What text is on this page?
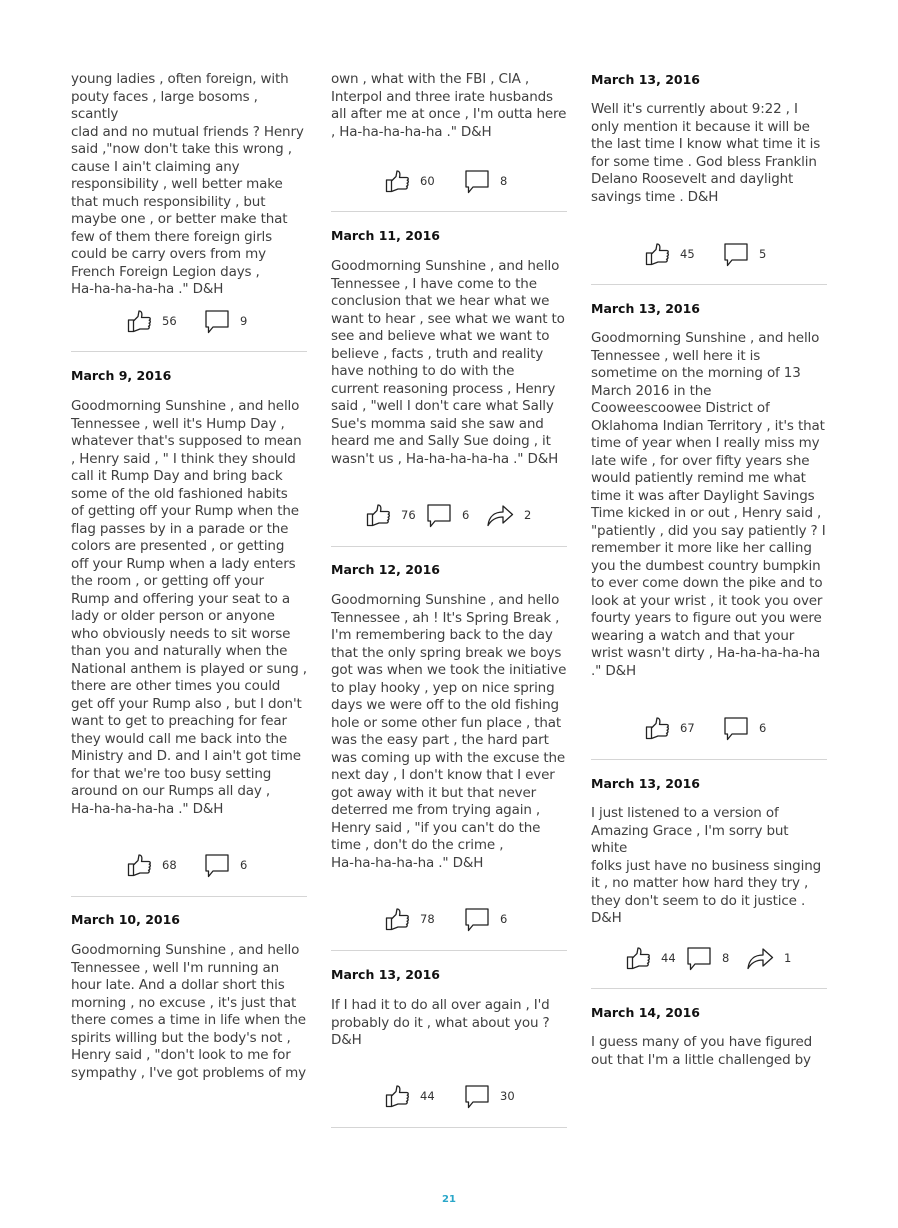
young ladies , often foreign, with
pouty faces , large bosoms , scantly
clad and no mutual friends ? Henry
said ,"now don't take this wrong ,
cause I ain't claiming any
responsibility , well better make
that much responsibility , but
maybe one , or better make that
few of them there foreign girls
could be carry overs from my
French Foreign Legion days ,
Ha-ha-ha-ha-ha ." D&H
56	9
March 9, 2016
Goodmorning Sunshine , and hello
Tennessee , well it's Hump Day ,
whatever that's supposed to mean
, Henry said , " I think they should
call it Rump Day and bring back
some of the old fashioned habits
of getting off your Rump when the
flag passes by in a parade or the
colors are presented , or getting
off your Rump when a lady enters
the room , or getting off your
Rump and offering your seat to a
lady or older person or anyone
who obviously needs to sit worse
than you and naturally when the
National anthem is played or sung ,
there are other times you could
get off your Rump also , but I don't
want to get to preaching for fear
they would call me back into the
Ministry and D. and I ain't got time
for that we're too busy setting
around on our Rumps all day ,
Ha-ha-ha-ha-ha ." D&H
68	6
March 10, 2016
Goodmorning Sunshine , and hello
Tennessee , well I'm running an
hour late. And a dollar short this
morning , no excuse , it's just that
there comes a time in life when the
spirits willing but the body's not ,
Henry said , "don't look to me for
sympathy , I've got problems of my
own , what with the FBI , CIA ,
Interpol and three irate husbands
all after me at once , I'm outta here
, Ha-ha-ha-ha-ha ." D&H
60	8
March 11, 2016
Goodmorning Sunshine , and hello
Tennessee , I have come to the
conclusion that we hear what we
want to hear , see what we want to
see and believe what we want to
believe , facts , truth and reality
have nothing to do with the
current reasoning process , Henry
said , "well I don't care what Sally
Sue's momma said she saw and
heard me and Sally Sue doing , it
wasn't us , Ha-ha-ha-ha-ha ." D&H
76	6	2
March 12, 2016
Goodmorning Sunshine , and hello
Tennessee , ah ! It's Spring Break ,
I'm remembering back to the day
that the only spring break we boys
got was when we took the initiative
to play hooky , yep on nice spring
days we were off to the old fishing
hole or some other fun place , that
was the easy part , the hard part
was coming up with the excuse the
next day , I don't know that I ever
got away with it but that never
deterred me from trying again ,
Henry said , "if you can't do the
time , don't do the crime ,
Ha-ha-ha-ha-ha ." D&H
78	6
March 13, 2016
If I had it to do all over again , I'd
probably do it , what about you ?
D&H
44	30
March 13, 2016
Well it's currently about 9:22 , I
only mention it because it will be
the last time I know what time it is
for some time . God bless Franklin
Delano Roosevelt and daylight
savings time . D&H
45	5
March 13, 2016
Goodmorning Sunshine , and hello
Tennessee , well here it is
sometime on the morning of 13
March 2016 in the
Cooweescoowee District of
Oklahoma Indian Territory , it's that
time of year when I really miss my
late wife , for over fifty years she
would patiently remind me what
time it was after Daylight Savings
Time kicked in or out , Henry said ,
"patiently , did you say patiently ? I
remember it more like her calling
you the dumbest country bumpkin
to ever come down the pike and to
look at your wrist , it took you over
fourty years to figure out you were
wearing a watch and that your
wrist wasn't dirty , Ha-ha-ha-ha-ha
." D&H
67	6
March 13, 2016
I just listened to a version of
Amazing Grace , I'm sorry but white
folks just have no business singing
it , no matter how hard they try ,
they don't seem to do it justice .
D&H
44	8	1
March 14, 2016
I guess many of you have figured
out that I'm a little challenged by
21
